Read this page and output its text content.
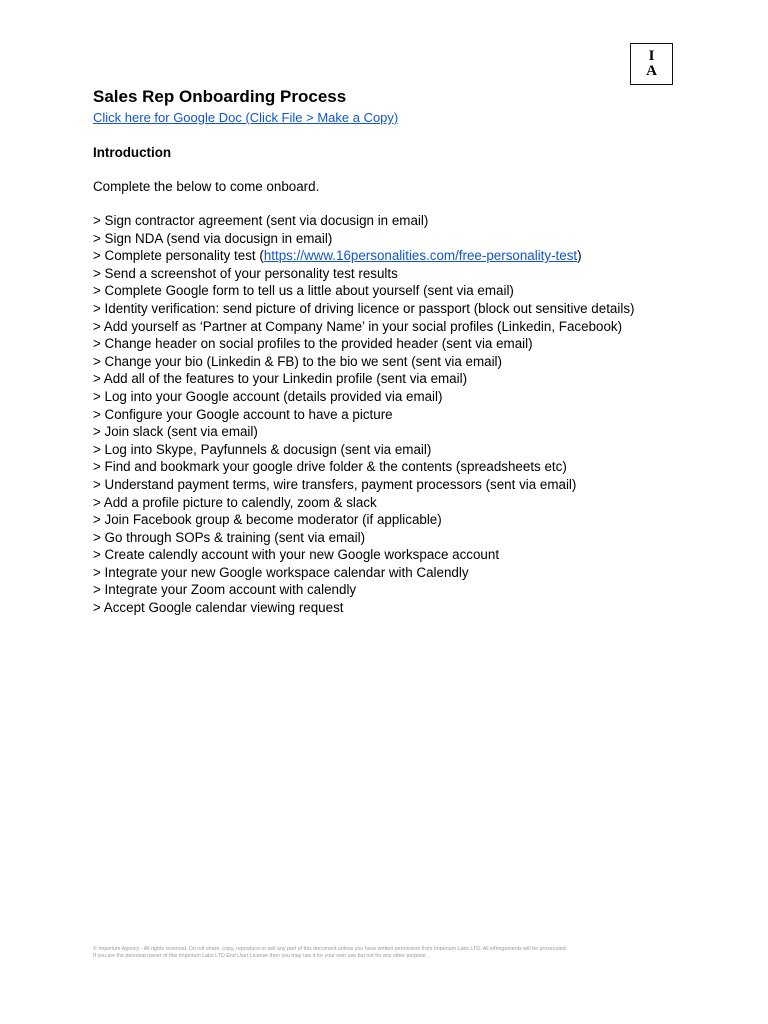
I
A
Sales Rep Onboarding Process
Click here for Google Doc (Click File > Make a Copy)
Introduction
Complete the below to come onboard.
> Sign contractor agreement (sent via docusign in email)
> Sign NDA (send via docusign in email)
> Complete personality test (https://www.16personalities.com/free-personality-test)
> Send a screenshot of your personality test results
> Complete Google form to tell us a little about yourself (sent via email)
> Identity verification: send picture of driving licence or passport (block out sensitive details)
> Add yourself as ‘Partner at Company Name’ in your social profiles (Linkedin, Facebook)
> Change header on social profiles to the provided header (sent via email)
> Change your bio (Linkedin & FB) to the bio we sent (sent via email)
> Add all of the features to your Linkedin profile (sent via email)
> Log into your Google account (details provided via email)
> Configure your Google account to have a picture
> Join slack (sent via email)
> Log into Skype, Payfunnels & docusign (sent via email)
> Find and bookmark your google drive folder & the contents (spreadsheets etc)
> Understand payment terms, wire transfers, payment processors (sent via email)
> Add a profile picture to calendly, zoom & slack
> Join Facebook group & become moderator (if applicable)
> Go through SOPs & training (sent via email)
> Create calendly account with your new Google workspace account
> Integrate your new Google workspace calendar with Calendly
> Integrate your Zoom account with calendly
> Accept Google calendar viewing request
© Imperium Agency - All rights reserved. Do not share, copy, reproduce or sell any part of this document unless you have written permission from Imperium Labs LTD. All infringements will be prosecuted.
If you are the personal owner of this Imperium Labs LTD End User License then you may use it for your own use but not for any other purpose.
